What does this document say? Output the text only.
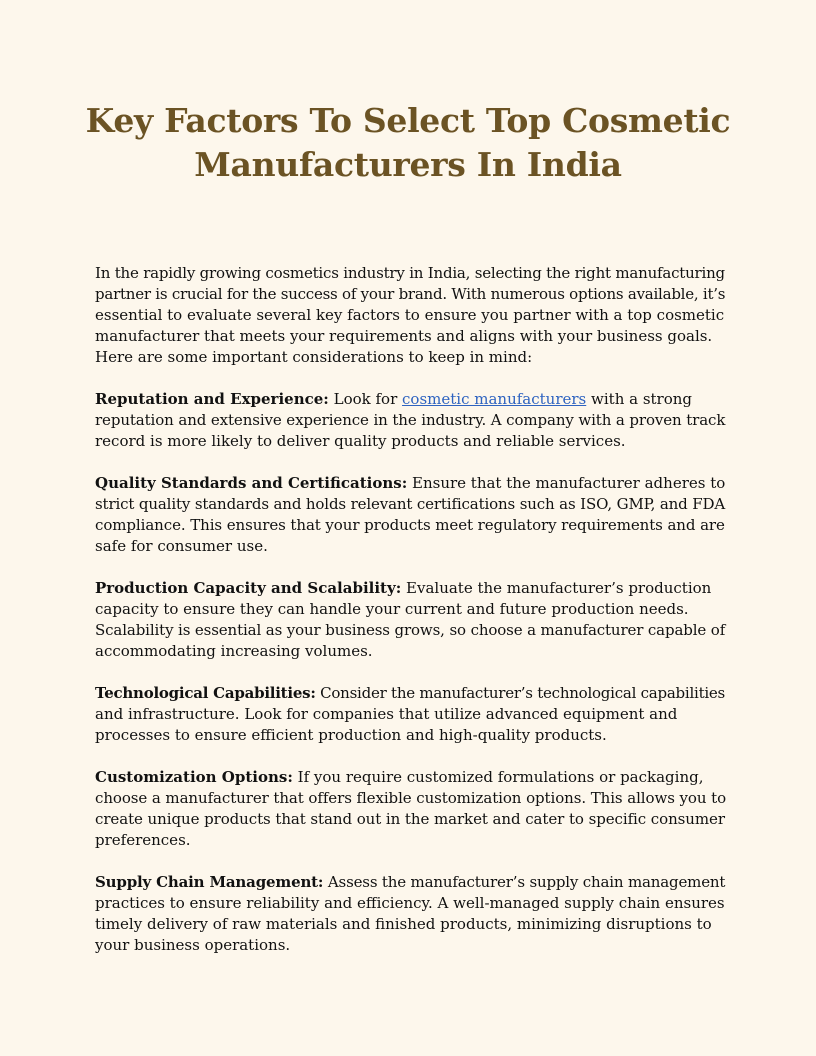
Key Factors To Select Top Cosmetic
Manufacturers In India

In the rapidly growing cosmetics industry in India, selecting the right manufacturing
partner is crucial for the success of your brand. With numerous options available, it’s
essential to evaluate several key factors to ensure you partner with a top cosmetic
manufacturer that meets your requirements and aligns with your business goals.
Here are some important considerations to keep in mind:

Reputation and Experience: Look for cosmetic manufacturers with a strong
reputation and extensive experience in the industry. A company with a proven track
record is more likely to deliver quality products and reliable services.

Quality Standards and Certifications: Ensure that the manufacturer adheres to
strict quality standards and holds relevant certifications such as ISO, GMP, and FDA
compliance. This ensures that your products meet regulatory requirements and are
safe for consumer use.

Production Capacity and Scalability: Evaluate the manufacturer’s production
capacity to ensure they can handle your current and future production needs.
Scalability is essential as your business grows, so choose a manufacturer capable of
accommodating increasing volumes.

Technological Capabilities: Consider the manufacturer’s technological capabilities
and infrastructure. Look for companies that utilize advanced equipment and
processes to ensure efficient production and high-quality products.

Customization Options: If you require customized formulations or packaging,
choose a manufacturer that offers flexible customization options. This allows you to
create unique products that stand out in the market and cater to specific consumer
preferences.

Supply Chain Management: Assess the manufacturer’s supply chain management
practices to ensure reliability and efficiency. A well-managed supply chain ensures
timely delivery of raw materials and finished products, minimizing disruptions to
your business operations.
